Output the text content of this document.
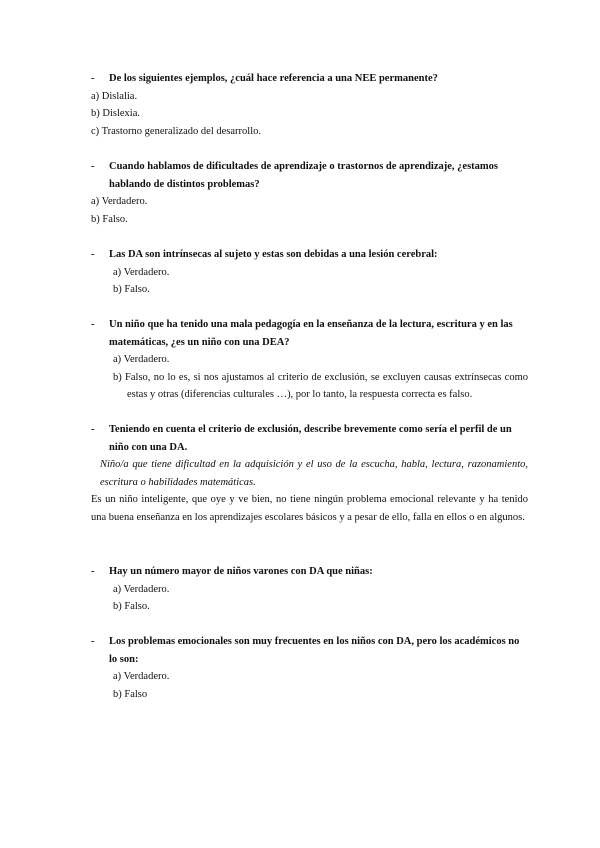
- De los siguientes ejemplos, ¿cuál hace referencia a una NEE permanente?
a) Dislalia.
b) Dislexia.
c) Trastorno generalizado del desarrollo.
- Cuando hablamos de dificultades de aprendizaje o trastornos de aprendizaje, ¿estamos hablando de distintos problemas?
a) Verdadero.
b) Falso.
- Las DA son intrínsecas al sujeto y estas son debidas a una lesión cerebral:
a) Verdadero.
b) Falso.
- Un niño que ha tenido una mala pedagogía en la enseñanza de la lectura, escritura y en las matemáticas, ¿es un niño con una DEA?
a) Verdadero.
b) Falso, no lo es, si nos ajustamos al criterio de exclusión, se excluyen causas extrínsecas como estas y otras (diferencias culturales …), por lo tanto, la respuesta correcta es falso.
- Teniendo en cuenta el criterio de exclusión, describe brevemente como sería el perfil de un niño con una DA.
Niño/a que tiene dificultad en la adquisición y el uso de la escucha, habla, lectura, razonamiento, escritura o habilidades matemáticas.
Es un niño inteligente, que oye y ve bien, no tiene ningún problema emocional relevante y ha tenido una buena enseñanza en los aprendizajes escolares básicos y a pesar de ello, falla en ellos o en algunos.
- Hay un número mayor de niños varones con DA que niñas:
a) Verdadero.
b) Falso.
- Los problemas emocionales son muy frecuentes en los niños con DA, pero los académicos no lo son:
a) Verdadero.
b) Falso
